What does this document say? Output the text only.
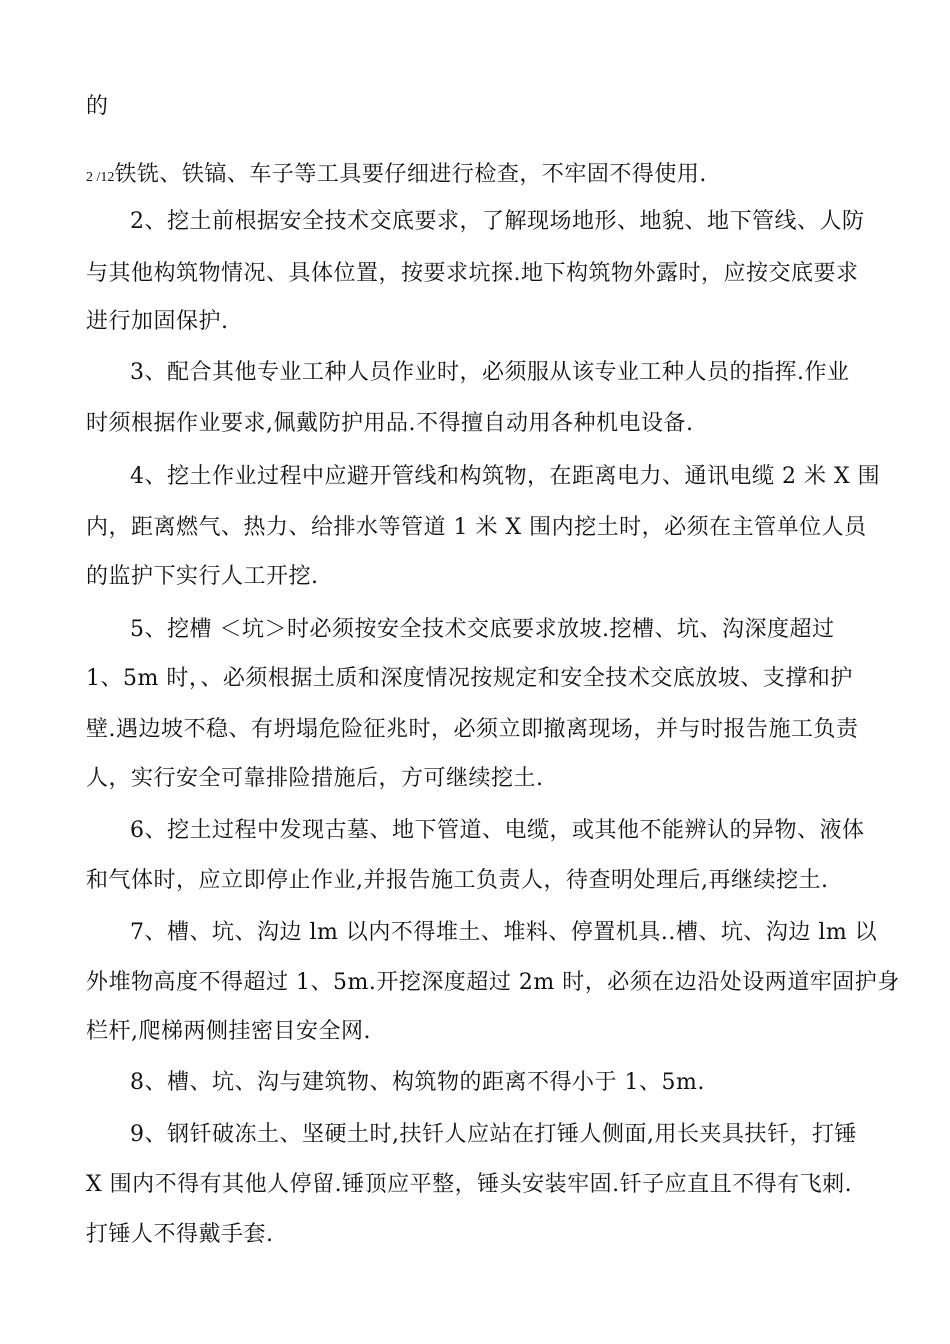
的
2 /12铁铣、铁镐、车子等工具要仔细进行检查，不牢固不得使用.
2、挖土前根据安全技术交底要求，了解现场地形、地貌、地下管线、人防
与其他构筑物情况、具体位置，按要求坑探.地下构筑物外露时，应按交底要求
进行加固保护.
3、配合其他专业工种人员作业时，必须服从该专业工种人员的指挥.作业
时须根据作业要求,佩戴防护用品.不得擅自动用各种机电设备.
4、挖土作业过程中应避开管线和构筑物，在距离电力、通讯电缆 2 米 X 围
内，距离燃气、热力、给排水等管道 1 米 X 围内挖土时，必须在主管单位人员
的监护下实行人工开挖.
5、挖槽 ＜坑＞时必须按安全技术交底要求放坡.挖槽、坑、沟深度超过
1、5m 时，、必须根据土质和深度情况按规定和安全技术交底放坡、支撑和护
壁.遇边坡不稳、有坍塌危险征兆时，必须立即撤离现场，并与时报告施工负责
人，实行安全可靠排险措施后，方可继续挖土.
6、挖土过程中发现古墓、地下管道、电缆，或其他不能辨认的异物、液体
和气体时，应立即停止作业,并报告施工负责人，待查明处理后,再继续挖土.
7、槽、坑、沟边 lm 以内不得堆土、堆料、停置机具..槽、坑、沟边 lm 以
外堆物高度不得超过 1、5m.开挖深度超过 2m 时，必须在边沿处设两道牢固护身
栏杆,爬梯两侧挂密目安全网.
8、槽、坑、沟与建筑物、构筑物的距离不得小于 1、5m.
9、钢钎破冻土、坚硬土时,扶钎人应站在打锤人侧面,用长夹具扶钎，打锤
X 围内不得有其他人停留.锤顶应平整，锤头安装牢固.钎子应直且不得有飞刺.
打锤人不得戴手套.
